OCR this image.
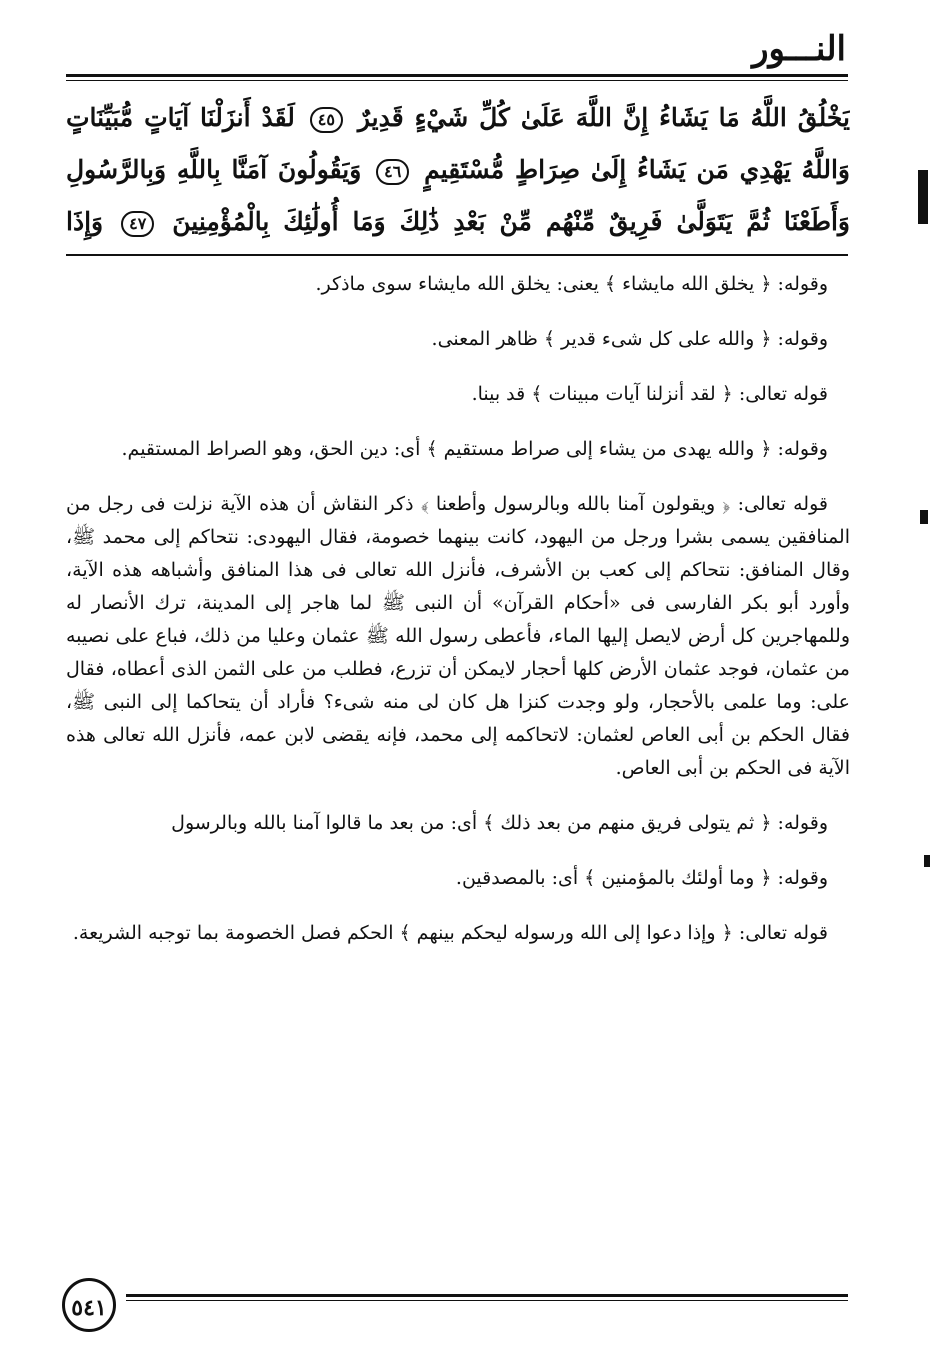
النـــور
يَخْلُقُ اللَّهُ مَا يَشَاءُ إِنَّ اللَّهَ عَلَىٰ كُلِّ شَيْءٍ قَدِيرٌ ٤٥ لَقَدْ أَنزَلْنَا آيَاتٍ مُّبَيِّنَاتٍ
وَاللَّهُ يَهْدِي مَن يَشَاءُ إِلَىٰ صِرَاطٍ مُّسْتَقِيمٍ ٤٦ وَيَقُولُونَ آمَنَّا بِاللَّهِ وَبِالرَّسُولِ
وَأَطَعْنَا ثُمَّ يَتَوَلَّىٰ فَرِيقٌ مِّنْهُم مِّنْ بَعْدِ ذَٰلِكَ وَمَا أُولَٰئِكَ بِالْمُؤْمِنِينَ ٤٧ وَإِذَا

وقوله: ﴿ يخلق الله مايشاء ﴾ يعنى: يخلق الله مايشاء سوى ماذكر.

وقوله: ﴿ والله على كل شىء قدير ﴾ ظاهر المعنى.

قوله تعالى: ﴿ لقد أنزلنا آيات مبينات ﴾ قد بينا.

وقوله: ﴿ والله يهدى من يشاء إلى صراط مستقيم ﴾ أى: دين الحق، وهو الصراط المستقيم.

قوله تعالى: ﴿ ويقولون آمنا بالله وبالرسول وأطعنا ﴾ ذكر النقاش أن هذه الآية نزلت فى رجل من المنافقين يسمى بشرا ورجل من اليهود، كانت بينهما خصومة، فقال اليهودى: نتحاكم إلى محمد ﷺ، وقال المنافق: نتحاكم إلى كعب بن الأشرف، فأنزل الله تعالى فى هذا المنافق وأشباهه هذه الآية، وأورد أبو بكر الفارسى فى «أحكام القرآن» أن النبى ﷺ لما هاجر إلى المدينة، ترك الأنصار له وللمهاجرين كل أرض لايصل إليها الماء، فأعطى رسول الله ﷺ عثمان وعليا من ذلك، فباع على نصيبه من عثمان، فوجد عثمان الأرض كلها أحجار لايمكن أن تزرع، فطلب من على الثمن الذى أعطاه، فقال على: وما علمى بالأحجار، ولو وجدت كنزا هل كان لى منه شىء؟ فأراد أن يتحاكما إلى النبى ﷺ، فقال الحكم بن أبى العاص لعثمان: لاتحاكمه إلى محمد، فإنه يقضى لابن عمه، فأنزل الله تعالى هذه الآية فى الحكم بن أبى العاص.

وقوله: ﴿ ثم يتولى فريق منهم من بعد ذلك ﴾ أى: من بعد ما قالوا آمنا بالله وبالرسول

وقوله: ﴿ وما أولئك بالمؤمنين ﴾ أى: بالمصدقين.

قوله تعالى: ﴿ وإذا دعوا إلى الله ورسوله ليحكم بينهم ﴾ الحكم فصل الخصومة بما توجبه الشريعة.

٥٤١
